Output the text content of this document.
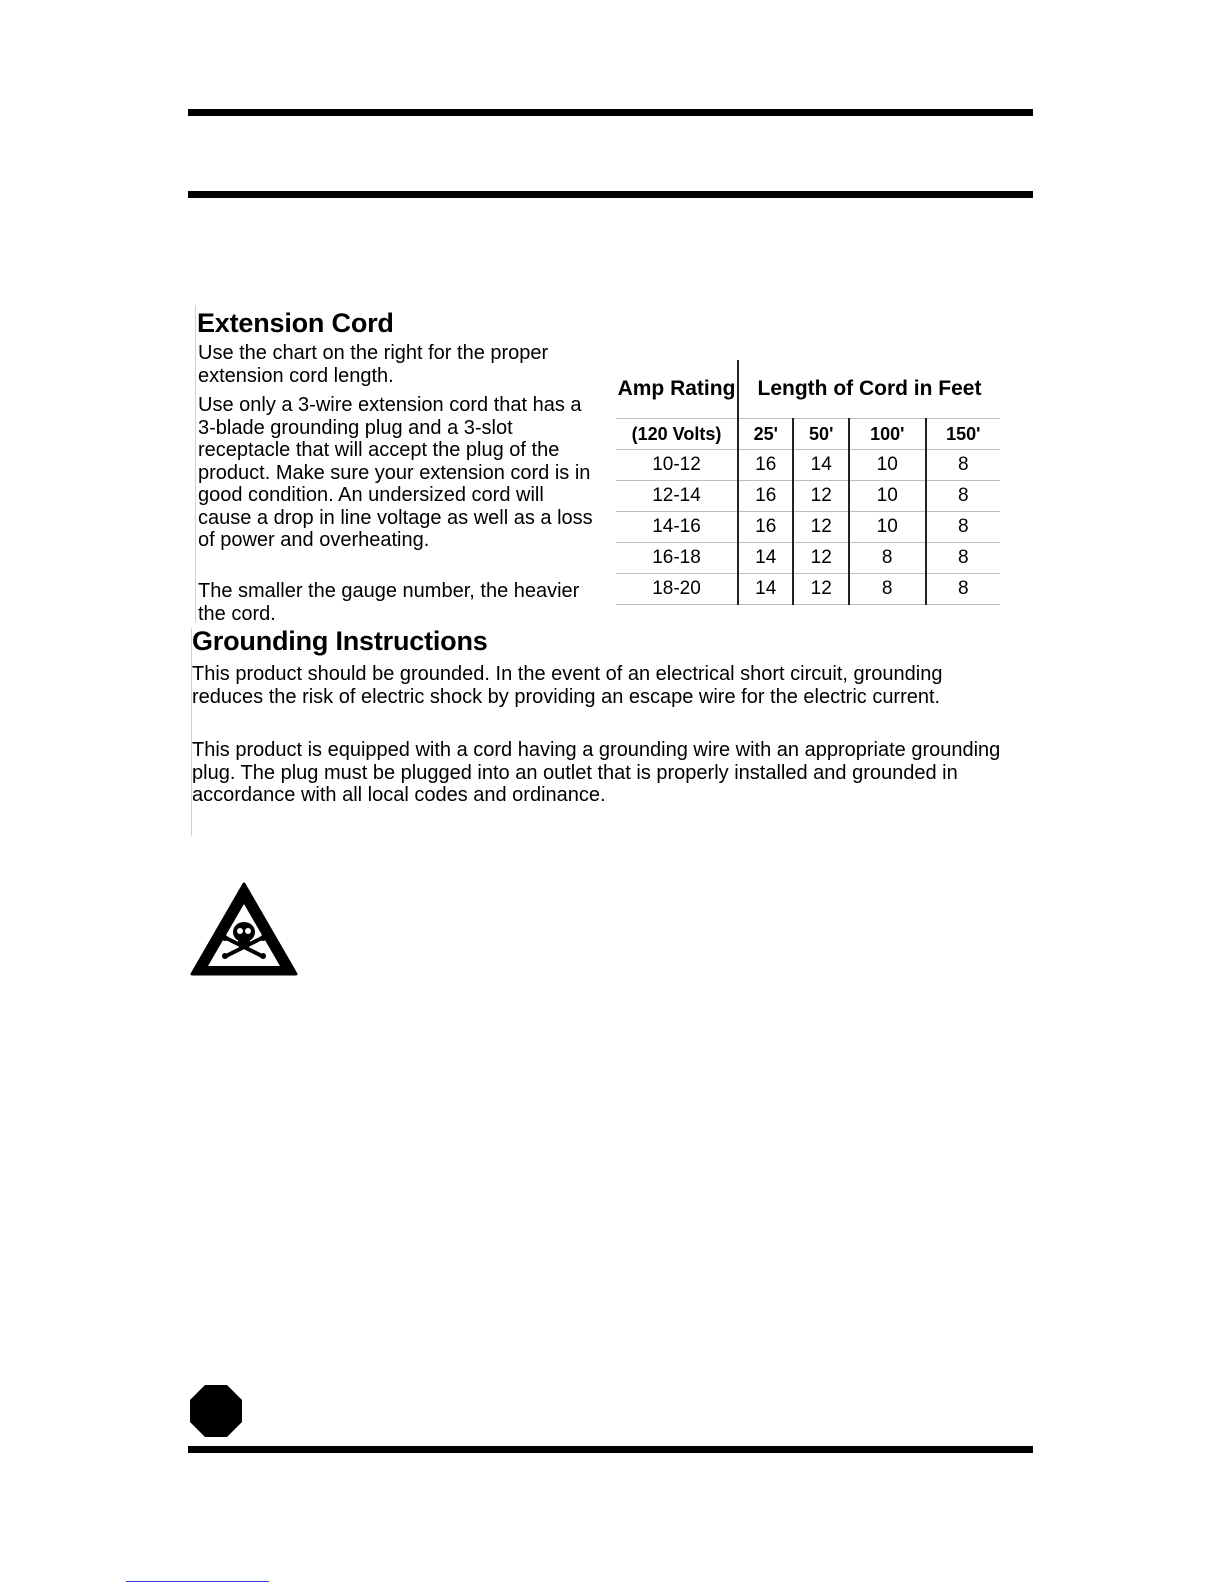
Extension Cord

Use the chart on the right for the proper extension cord length.

Use only a 3-wire extension cord that has a 3-blade grounding plug and a 3-slot receptacle that will accept the plug of the product. Make sure your extension cord is in good condition. An undersized cord will cause a drop in line voltage as well as a loss of power and overheating.

The smaller the gauge number, the heavier the cord.

Amp Rating	Length of Cord in Feet			
(120 Volts)	25'	50'	100'	150'
10-12	16	14	10	8
12-14	16	12	10	8
14-16	16	12	10	8
16-18	14	12	8	8
18-20	14	12	8	8
Grounding Instructions

This product should be grounded. In the event of an electrical short circuit, grounding reduces the risk of electric shock by providing an escape wire for the electric current.

This product is equipped with a cord having a grounding wire with an appropriate grounding plug. The plug must be plugged into an outlet that is properly installed and grounded in accordance with all local codes and ordinance.
